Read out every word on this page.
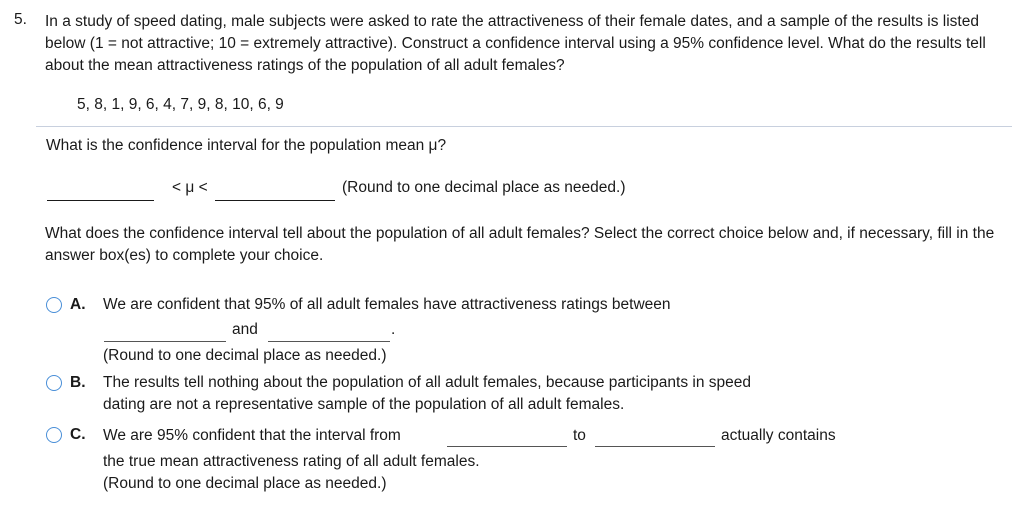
5. In a study of speed dating, male subjects were asked to rate the attractiveness of their female dates, and a sample of the results is listed below (1 = not attractive; 10 = extremely attractive). Construct a confidence interval using a 95% confidence level. What do the results tell about the mean attractiveness ratings of the population of all adult females?
5, 8, 1, 9, 6, 4, 7, 9, 8, 10, 6, 9
What is the confidence interval for the population mean μ?
< μ <	(Round to one decimal place as needed.)
What does the confidence interval tell about the population of all adult females? Select the correct choice below and, if necessary, fill in the answer box(es) to complete your choice.
A. We are confident that 95% of all adult females have attractiveness ratings between
and	.
(Round to one decimal place as needed.)
B. The results tell nothing about the population of all adult females, because participants in speed
dating are not a representative sample of the population of all adult females.
C. We are 95% confident that the interval from	to	actually contains
the true mean attractiveness rating of all adult females.
(Round to one decimal place as needed.)
